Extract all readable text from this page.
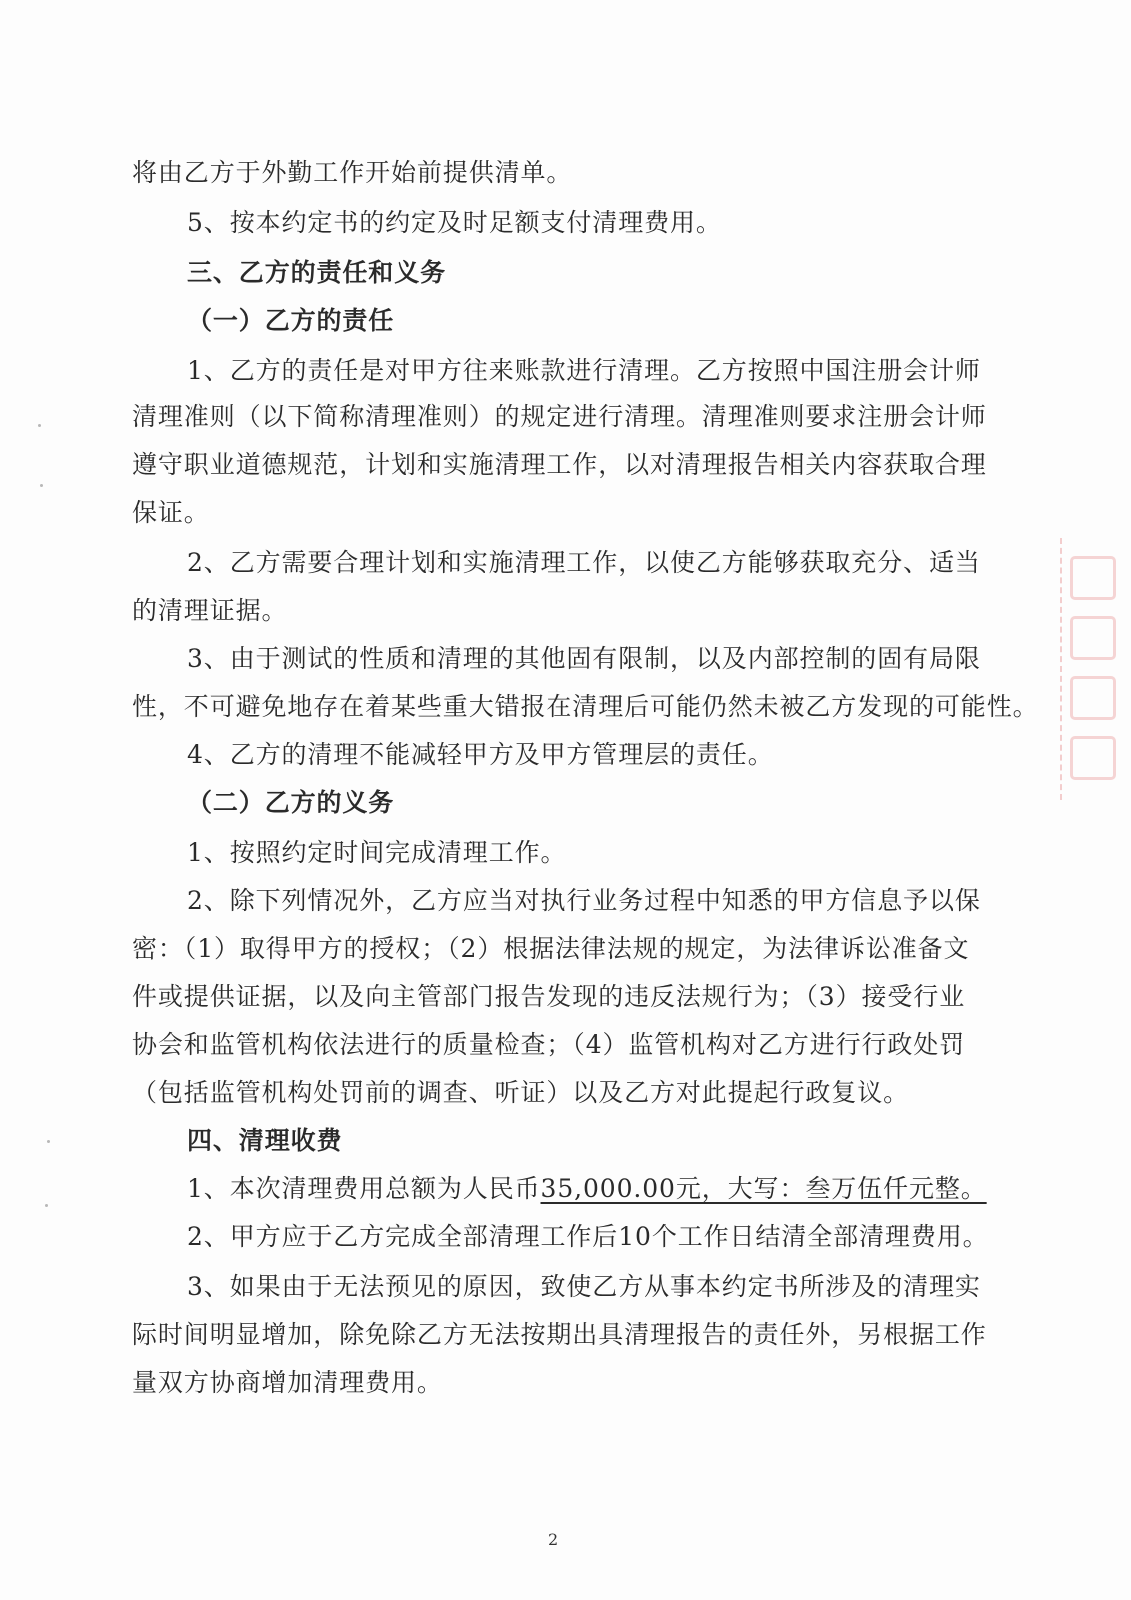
将由乙方于外勤工作开始前提供清单。
5、按本约定书的约定及时足额支付清理费用。
三、乙方的责任和义务
（一）乙方的责任
1、乙方的责任是对甲方往来账款进行清理。乙方按照中国注册会计师
清理准则（以下简称清理准则）的规定进行清理。清理准则要求注册会计师
遵守职业道德规范，计划和实施清理工作，以对清理报告相关内容获取合理
保证。
2、乙方需要合理计划和实施清理工作，以使乙方能够获取充分、适当
的清理证据。
3、由于测试的性质和清理的其他固有限制，以及内部控制的固有局限
性，不可避免地存在着某些重大错报在清理后可能仍然未被乙方发现的可能性。
4、乙方的清理不能减轻甲方及甲方管理层的责任。
（二）乙方的义务
1、按照约定时间完成清理工作。
2、除下列情况外，乙方应当对执行业务过程中知悉的甲方信息予以保
密：（1）取得甲方的授权；（2）根据法律法规的规定，为法律诉讼准备文
件或提供证据，以及向主管部门报告发现的违反法规行为；（3）接受行业
协会和监管机构依法进行的质量检查；（4）监管机构对乙方进行行政处罚
（包括监管机构处罚前的调查、听证）以及乙方对此提起行政复议。
四、清理收费
1、本次清理费用总额为人民币35,000.00元，大写：叁万伍仟元整。
2、甲方应于乙方完成全部清理工作后10个工作日结清全部清理费用。
3、如果由于无法预见的原因，致使乙方从事本约定书所涉及的清理实
际时间明显增加，除免除乙方无法按期出具清理报告的责任外，另根据工作
量双方协商增加清理费用。
2
